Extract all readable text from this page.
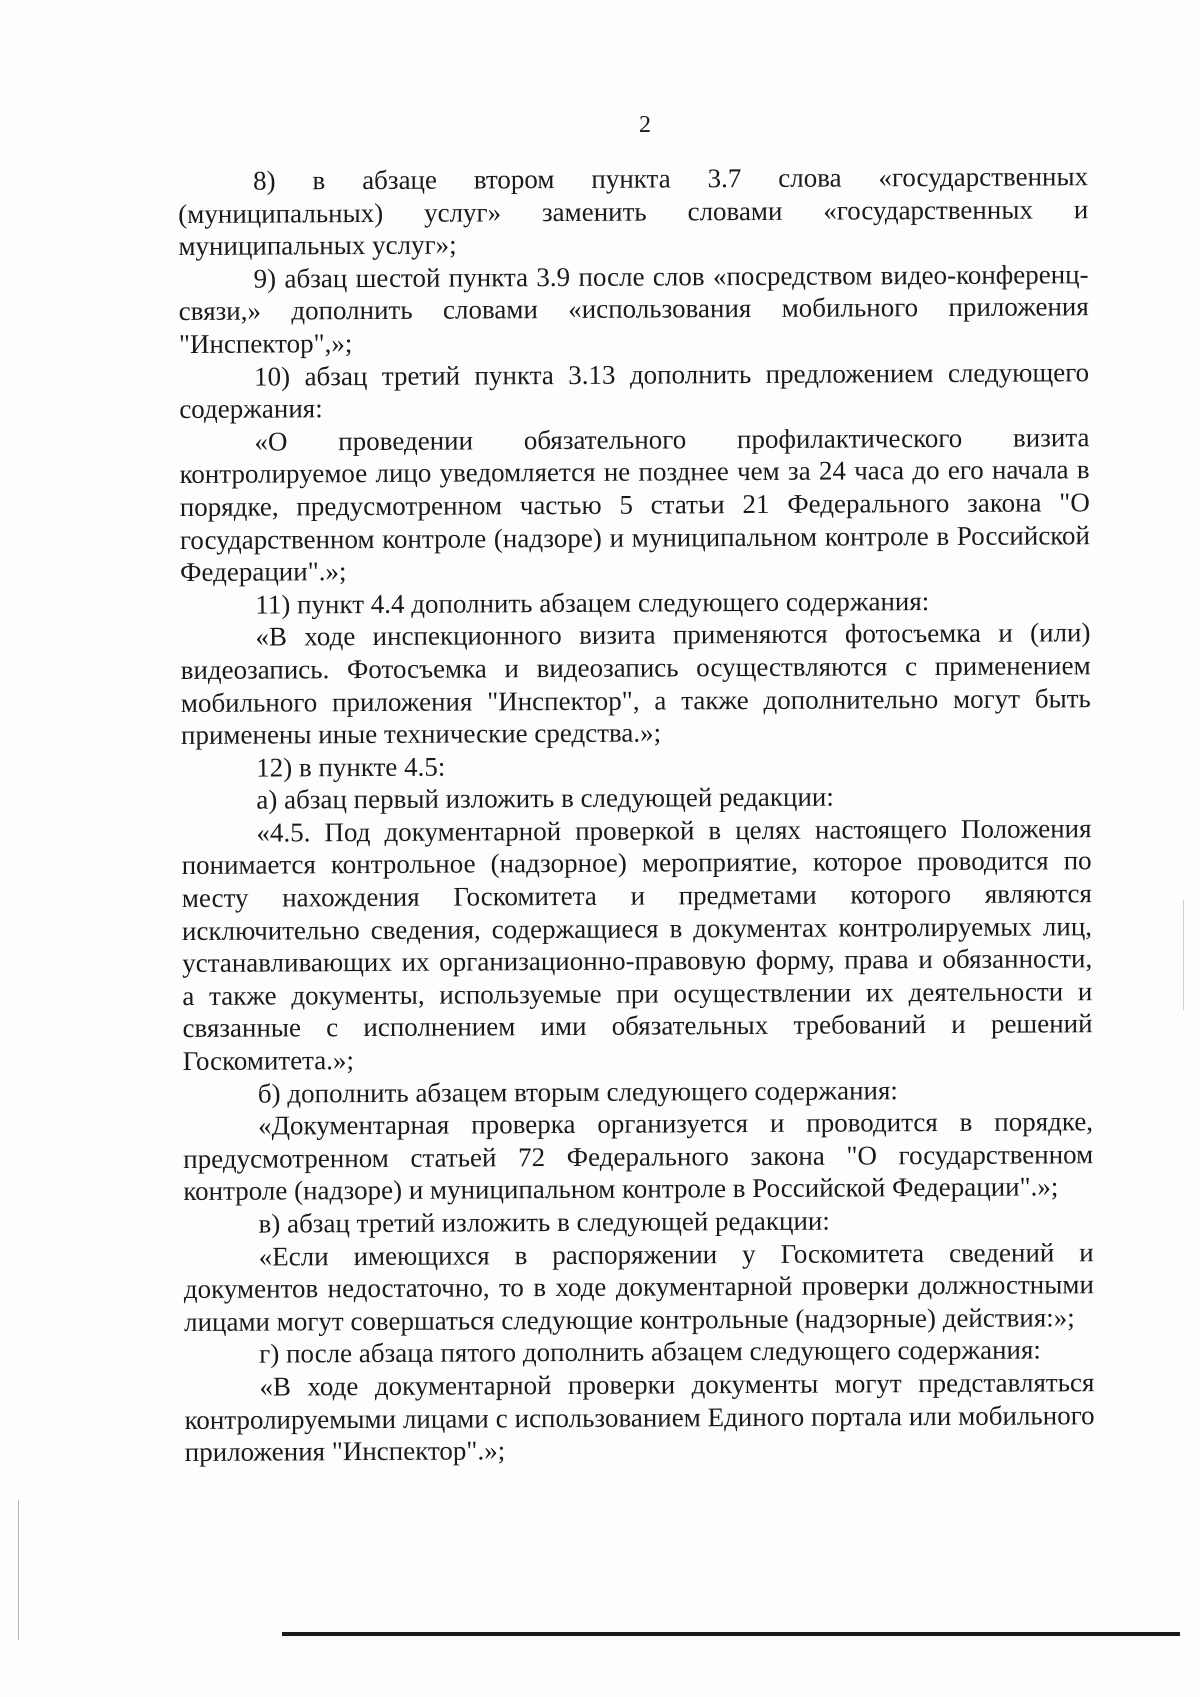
2

8) в абзаце втором пункта 3.7 слова «государственных (муниципальных) услуг» заменить словами «государственных и муниципальных услуг»;

9) абзац шестой пункта 3.9 после слов «посредством видео-конференц-связи,» дополнить словами «использования мобильного приложения "Инспектор",»;

10) абзац третий пункта 3.13 дополнить предложением следующего содержания:

«О проведении обязательного профилактического визита контролируемое лицо уведомляется не позднее чем за 24 часа до его начала в порядке, предусмотренном частью 5 статьи 21 Федерального закона "О государственном контроле (надзоре) и муниципальном контроле в Российской Федерации".»;

11) пункт 4.4 дополнить абзацем следующего содержания:

«В ходе инспекционного визита применяются фотосъемка и (или) видеозапись. Фотосъемка и видеозапись осуществляются с применением мобильного приложения "Инспектор", а также дополнительно могут быть применены иные технические средства.»;

12) в пункте 4.5:

а) абзац первый изложить в следующей редакции:

«4.5. Под документарной проверкой в целях настоящего Положения понимается контрольное (надзорное) мероприятие, которое проводится по месту нахождения Госкомитета и предметами которого являются исключительно сведения, содержащиеся в документах контролируемых лиц, устанавливающих их организационно-правовую форму, права и обязанности, а также документы, используемые при осуществлении их деятельности и связанные с исполнением ими обязательных требований и решений Госкомитета.»;

б) дополнить абзацем вторым следующего содержания:

«Документарная проверка организуется и проводится в порядке, предусмотренном статьей 72 Федерального закона "О государственном контроле (надзоре) и муниципальном контроле в Российской Федерации".»;

в) абзац третий изложить в следующей редакции:

«Если имеющихся в распоряжении у Госкомитета сведений и документов недостаточно, то в ходе документарной проверки должностными лицами могут совершаться следующие контрольные (надзорные) действия:»;

г) после абзаца пятого дополнить абзацем следующего содержания:

«В ходе документарной проверки документы могут представляться контролируемыми лицами с использованием Единого портала или мобильного приложения "Инспектор".»;
